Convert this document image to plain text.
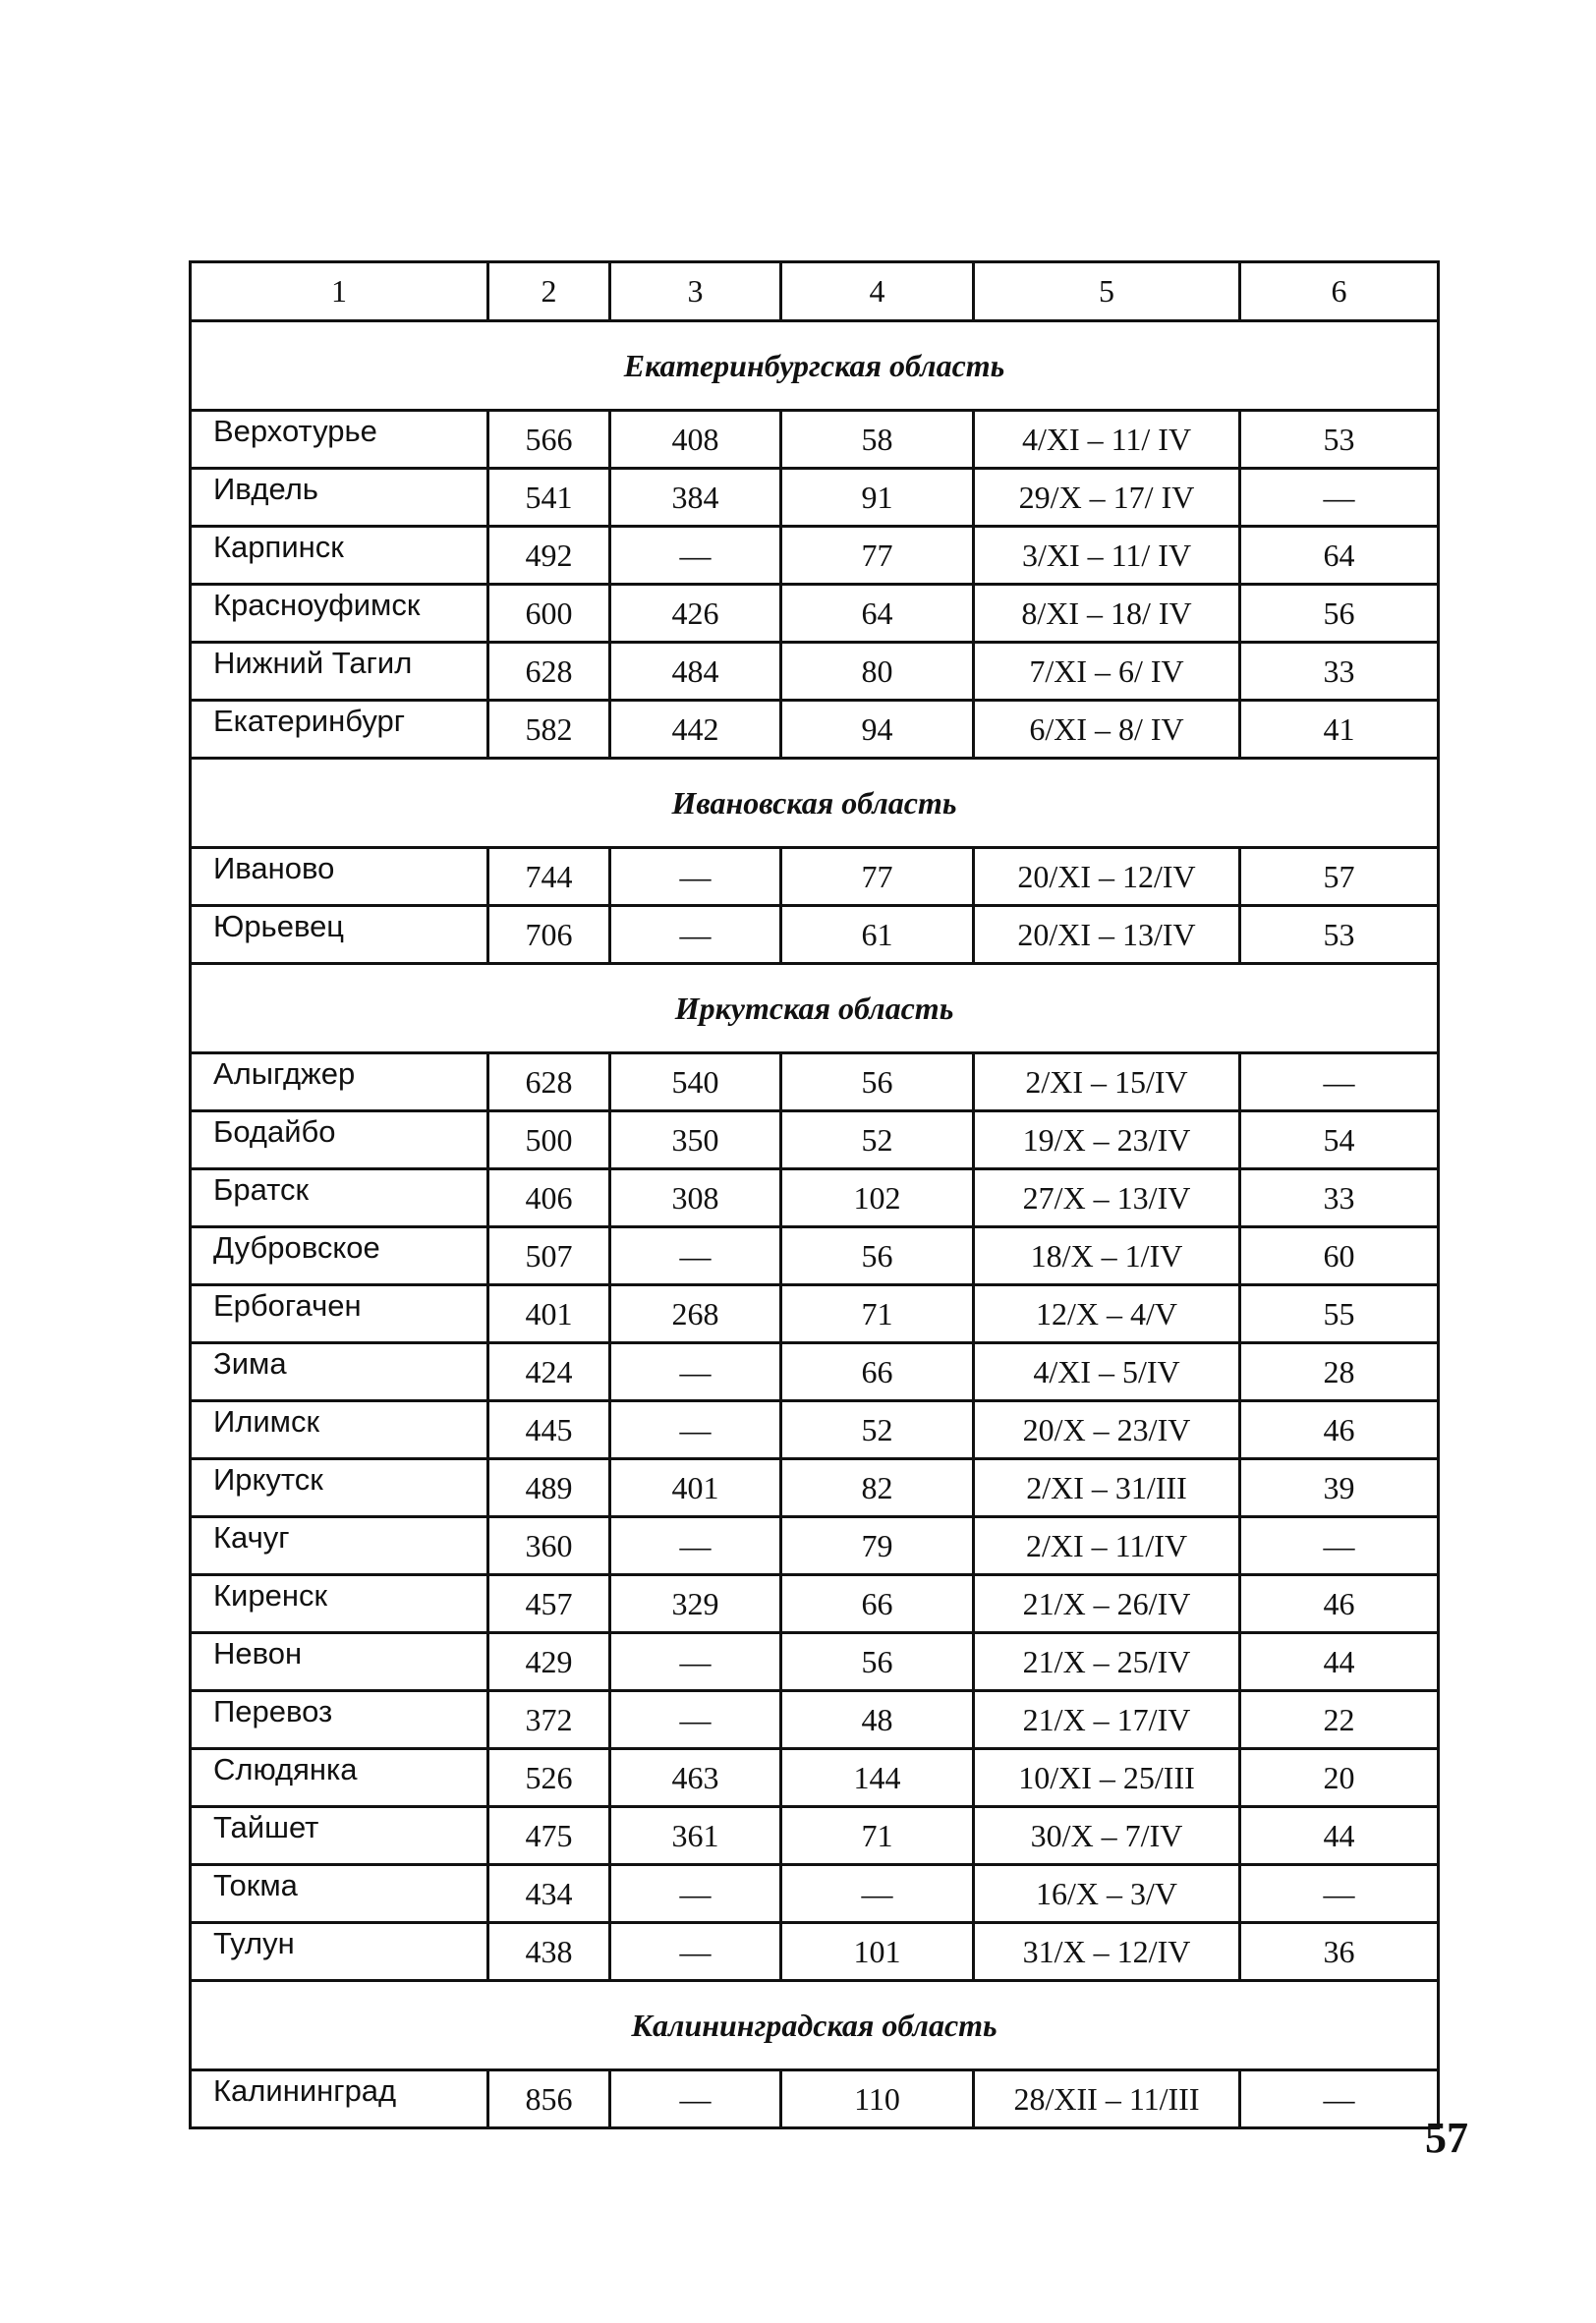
1	2	3	4	5	6
Екатеринбургская область					
Верхотурье	566	408	58	4/XI – 11/ IV	53
Ивдель	541	384	91	29/X – 17/ IV	—
Карпинск	492	—	77	3/XI – 11/ IV	64
Красноуфимск	600	426	64	8/XI – 18/ IV	56
Нижний Тагил	628	484	80	7/XI – 6/ IV	33
Екатеринбург	582	442	94	6/XI – 8/ IV	41
Ивановская область					
Иваново	744	—	77	20/XI – 12/IV	57
Юрьевец	706	—	61	20/XI – 13/IV	53
Иркутская область					
Алыгджер	628	540	56	2/XI – 15/IV	—
Бодайбо	500	350	52	19/X – 23/IV	54
Братск	406	308	102	27/X – 13/IV	33
Дубровское	507	—	56	18/X – 1/IV	60
Ербогачен	401	268	71	12/X – 4/V	55
Зима	424	—	66	4/XI – 5/IV	28
Илимск	445	—	52	20/X – 23/IV	46
Иркутск	489	401	82	2/XI – 31/III	39
Качуг	360	—	79	2/XI – 11/IV	—
Киренск	457	329	66	21/X – 26/IV	46
Невон	429	—	56	21/X – 25/IV	44
Перевоз	372	—	48	21/X – 17/IV	22
Слюдянка	526	463	144	10/XI – 25/III	20
Тайшет	475	361	71	30/X – 7/IV	44
Токма	434	—	—	16/X – 3/V	—
Тулун	438	—	101	31/X – 12/IV	36
Калининградская область					
Калининград	856	—	110	28/XII – 11/III	—
57
